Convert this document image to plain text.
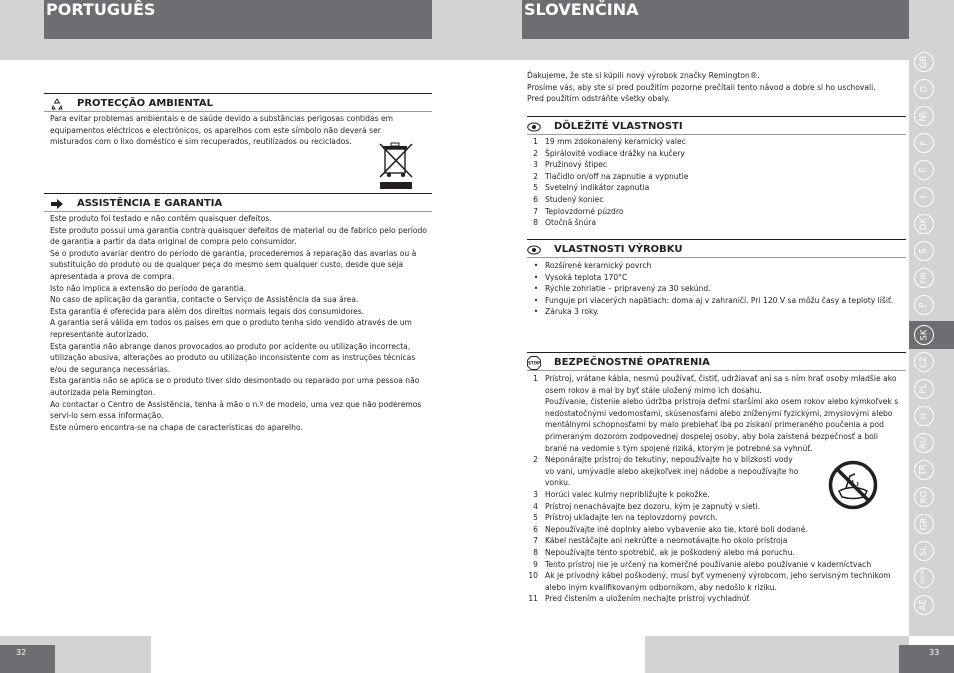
PORTUGUÊS	SLOVENČINA
PROTECÇÃO AMBIENTAL
Para evitar problemas ambientais e de saúde devido a substâncias perigosas contidas em equipamentos eléctricos e electrónicos, os aparelhos com este símbolo não deverá ser misturados com o lixo doméstico e sim recuperados, reutilizados ou reciclados.
ASSISTÊNCIA E GARANTIA

Este produto foi testado e não contém quaisquer defeitos.

Este produto possui uma garantia contra quaisquer defeitos de material ou de fabrico pelo período de garantia a partir da data original de compra pelo consumidor.

Se o produto avariar dentro do período de garantia, procederemos à reparação das avarias ou à substituição do produto ou de qualquer peça do mesmo sem qualquer custo, desde que seja apresentada a prova de compra.

Isto não implica a extensão do período de garantia.

No caso de aplicação da garantia, contacte o Serviço de Assistência da sua área.

Esta garantia é oferecida para além dos direitos normais legais dos consumidores.

A garantia será válida em todos os países em que o produto tenha sido vendido através de um representante autorizado.

Esta garantia não abrange danos provocados ao produto por acidente ou utilização incorrecta, utilização abusiva, alterações ao produto ou utilização inconsistente com as instruções técnicas e/ou de segurança necessárias.

Esta garantia não se aplica se o produto tiver sido desmontado ou reparado por uma pessoa não autorizada pela Remington.

Ao contactar o Centro de Assistência, tenha à mão o n.º de modelo, uma vez que não poderemos servi-lo sem essa informação.

Este número encontra-se na chapa de características do aparelho.

32

Ďakujeme, že ste si kúpili nový výrobok značky Remington®.

Prosíme vás, aby ste si pred použitím pozorne prečítali tento návod a dobre si ho uschovali.

Pred použitím odstráňte všetky obaly.

DÔLEŽITÉ VLASTNOSTI
1 19 mm zdokonalený keramický valec
2 Špirálovité vodiace drážky na kučery
3 Pružinový štipec
2 Tlačidlo on/off na zapnutie a vypnutie
5 Svetelný indikátor zapnutia
6 Studený koniec
7 Teplovzdorné púzdro
8 Otočná šnúra
VLASTNOSTI VÝROBKU
• Rozšírené keramický povrch
• Vysoká teplota 170°C
• Rýchle zohriatie – pripravený za 30 sekúnd.
• Funguje pri viacerých napätiach: doma aj v zahraničí. Pri 120 V sa môžu časy a teploty líšiť.
• Záruka 3 roky.
STOP BEZPEČNOSTNÉ OPATRENIA
1 Prístroj, vrátane kábla, nesmú používať, čistiť, udržiavať ani sa s ním hrať osoby mladšie ako osem rokov a mal by byť stále uložený mimo ich dosahu.
Používanie, čistenie alebo údržba prístroja deťmi staršími ako osem rokov alebo kýmkoľvek s nedostatočnými vedomosťami, skúsenosťami alebo zníženými fyzickými, zmyslovými alebo mentálnymi schopnosťami by malo prebiehať iba po získaní primeraného poučenia a pod primeraným dozorom zodpovednej dospelej osoby, aby bola zaistená bezpečnosť a boli brané na vedomie s tým spojené riziká, ktorým je potrebné sa vyhnúť.
2 Neponárajte prístroj do tekutiny, nepoužívajte ho v blízkosti vody vo vani, umývadle alebo akejkoľvek inej nádobe a nepoužívajte ho vonku.
3 Horúci valec kulmy nepribližujte k pokožke.
4 Prístroj nenachávajte bez dozoru, kým je zapnutý v sieti.
5 Prístroj ukladajte len na teplovzdorný povrch.
6 Nepoužívajte iné doplnky alebo vybavenie ako tie, ktoré boli dodané.
7 Kábel nestáčajte ani nekrúťte a neomotávajte ho okolo prístroja
8 Nepoužívajte tento spotrebič, ak je poškodený alebo má poruchu.
9 Tento prístroj nie je určený na komerčné používanie alebo používanie v kaderníctvach
10 Ak je prívodný kábel poškodený, musí byť vymenený výrobcom, jeho servisným technikom alebo iným kvalifikovaným odborníkom, aby nedošlo k riziku.
11 Pred čistením a uložením nechajte prístroj vychladnúť
33
GB
D
NL
F
E
I
DK
S
FIN
P
SK
CZ
PL
H
RU
TR
RO
GR
SL
HR/SRB
AE
